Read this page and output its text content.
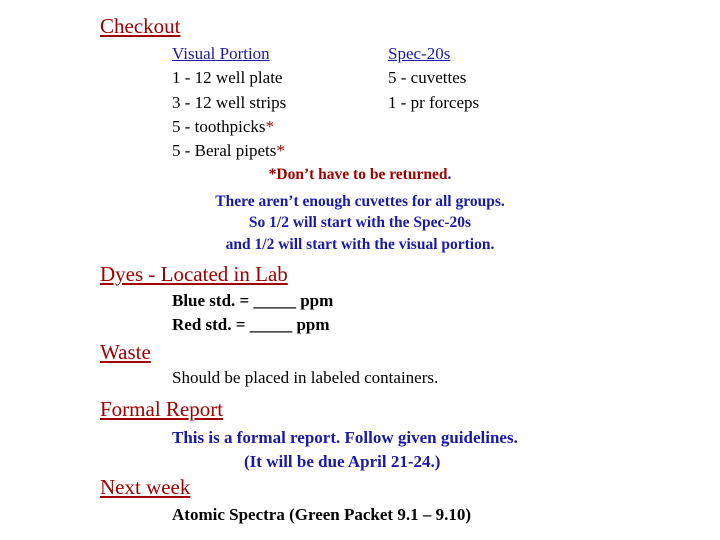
Checkout
Visual Portion
1 - 12 well plate
3 - 12 well strips
5 - toothpicks*
5 - Beral pipets*
Spec-20s
5 - cuvettes
1 - pr forceps
*Don’t have to be returned.
There aren’t enough cuvettes for all groups.
So 1/2 will start with the Spec-20s
and 1/2 will start with the visual portion.
Dyes - Located in Lab
Blue std. = _____ ppm
Red std. = _____ ppm
Waste
Should be placed in labeled containers.
Formal Report
This is a formal report. Follow given guidelines.
(It will be due April 21-24.)
Next week
Atomic Spectra (Green Packet 9.1 – 9.10)
